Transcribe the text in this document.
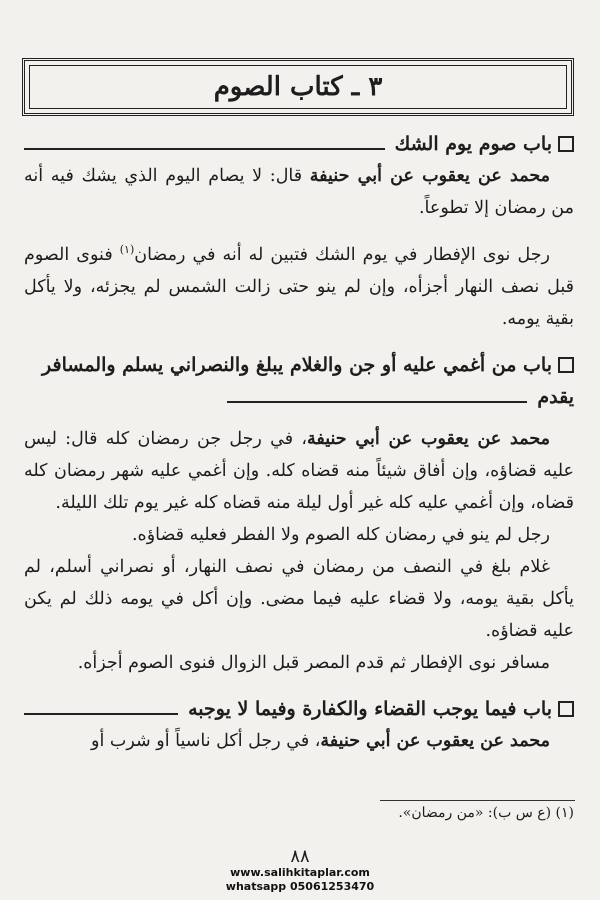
٣ ـ كتاب الصوم
باب صوم يوم الشك

محمد عن يعقوب عن أبي حنيفة قال: لا يصام اليوم الذي يشك فيه أنه من رمضان إلا تطوعاً.

رجل نوى الإفطار في يوم الشك فتبين له أنه في رمضان$^{(١)}$ فنوى الصوم قبل نصف النهار أجزأه، وإن لم ينو حتى زالت الشمس لم يجزئه، ولا يأكل بقية يومه.

باب من أغمي عليه أو جن والغلام يبلغ والنصراني يسلم والمسافر
يقدم

محمد عن يعقوب عن أبي حنيفة، في رجل جن رمضان كله قال: ليس عليه قضاؤه، وإن أفاق شيئاً منه قضاه كله. وإن أغمي عليه شهر رمضان كله قضاه، وإن أغمي عليه كله غير أول ليلة منه قضاه كله غير يوم تلك الليلة.

رجل لم ينو في رمضان كله الصوم ولا الفطر فعليه قضاؤه.

غلام بلغ في النصف من رمضان في نصف النهار، أو نصراني أسلم، لم يأكل بقية يومه، ولا قضاء عليه فيما مضى. وإن أكل في يومه ذلك لم يكن عليه قضاؤه.

مسافر نوى الإفطار ثم قدم المصر قبل الزوال فنوى الصوم أجزأه.

باب فيما يوجب القضاء والكفارة وفيما لا يوجبه

محمد عن يعقوب عن أبي حنيفة، في رجل أكل ناسياً أو شرب أو

(١) (ع س ب): «من رمضان».
٨٨
www.salihkitaplar.com
whatsapp 05061253470
